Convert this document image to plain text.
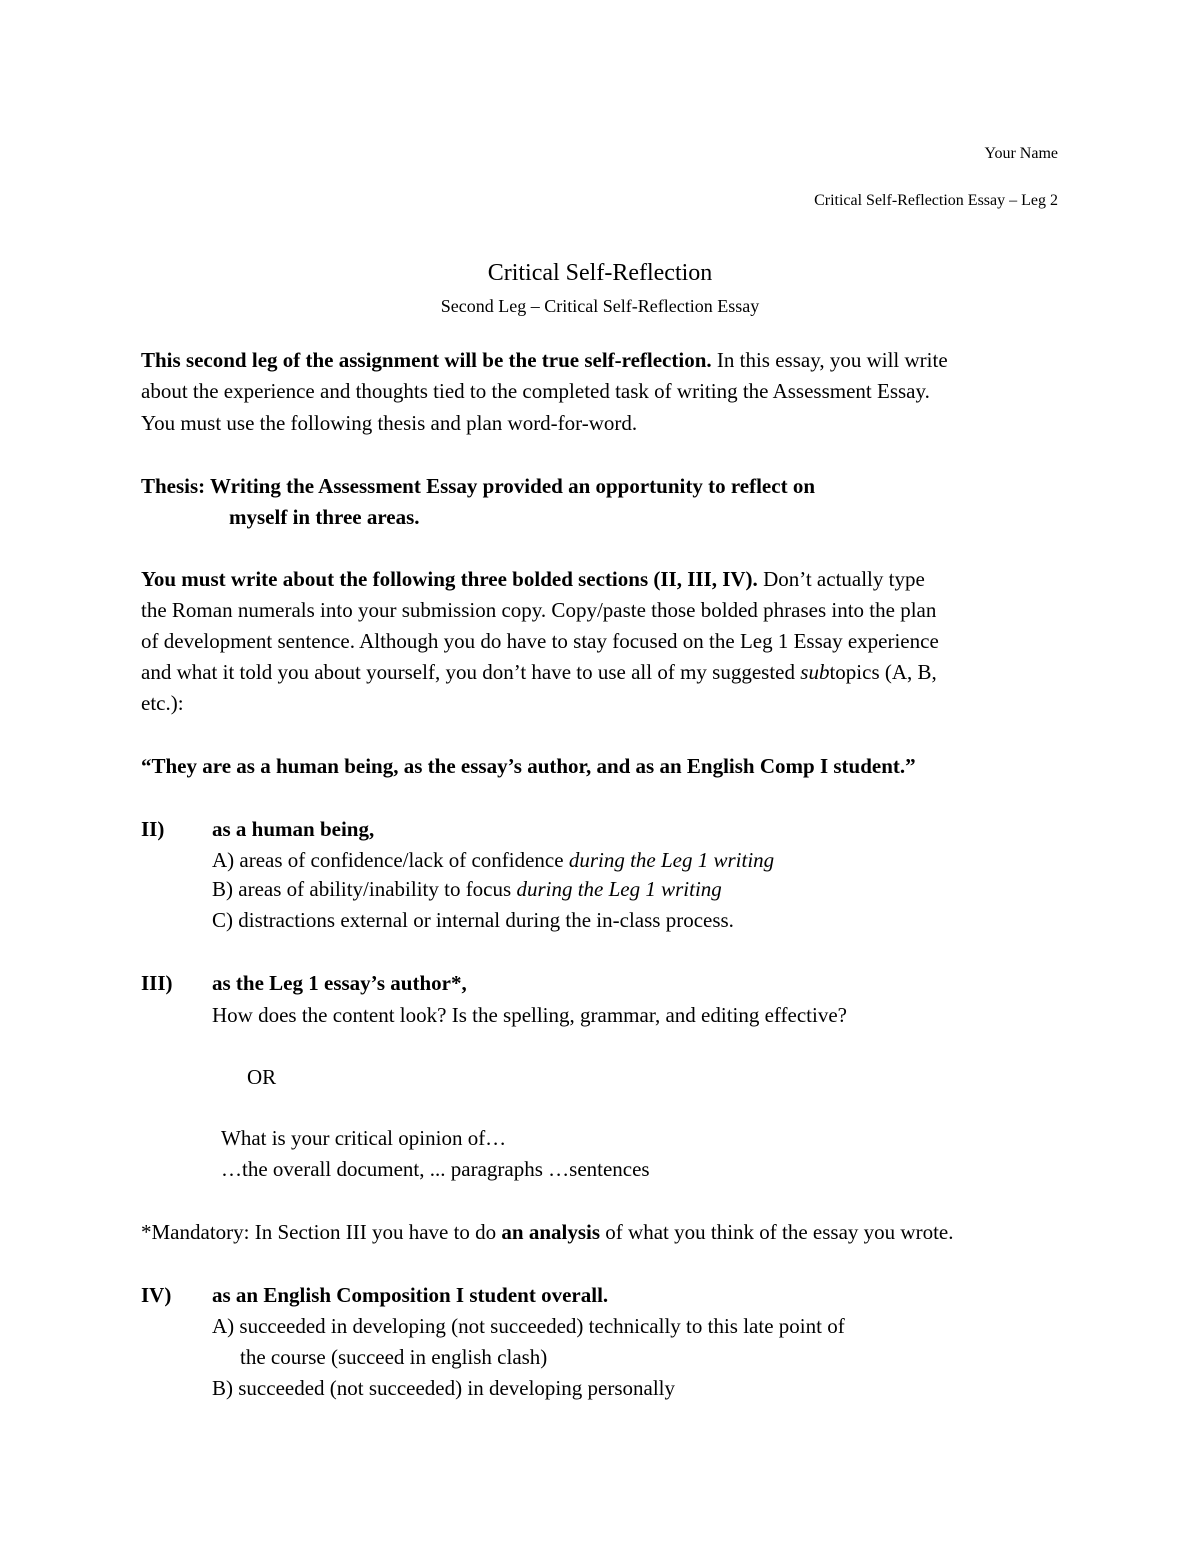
Your Name
Critical Self-Reflection Essay – Leg 2
Critical Self-Reflection
Second Leg – Critical Self-Reflection Essay
This second leg of the assignment will be the true self-reflection. In this essay, you will write
about the experience and thoughts tied to the completed task of writing the Assessment Essay.
You must use the following thesis and plan word-for-word.
Thesis: Writing the Assessment Essay provided an opportunity to reflect on
myself in three areas.
You must write about the following three bolded sections (II, III, IV). Don’t actually type
the Roman numerals into your submission copy. Copy/paste those bolded phrases into the plan
of development sentence. Although you do have to stay focused on the Leg 1 Essay experience
and what it told you about yourself, you don’t have to use all of my suggested subtopics (A, B,
etc.):
“They are as a human being, as the essay’s author, and as an English Comp I student.”
II) as a human being,
A) areas of confidence/lack of confidence during the Leg 1 writing
B) areas of ability/inability to focus during the Leg 1 writing
C) distractions external or internal during the in-class process.
III) as the Leg 1 essay’s author*,
How does the content look? Is the spelling, grammar, and editing effective?
OR
What is your critical opinion of…
…the overall document, ... paragraphs …sentences
*Mandatory: In Section III you have to do an analysis of what you think of the essay you wrote.
IV) as an English Composition I student overall.
A) succeeded in developing (not succeeded) technically to this late point of
the course (succeed in english clash)
B) succeeded (not succeeded) in developing personally
